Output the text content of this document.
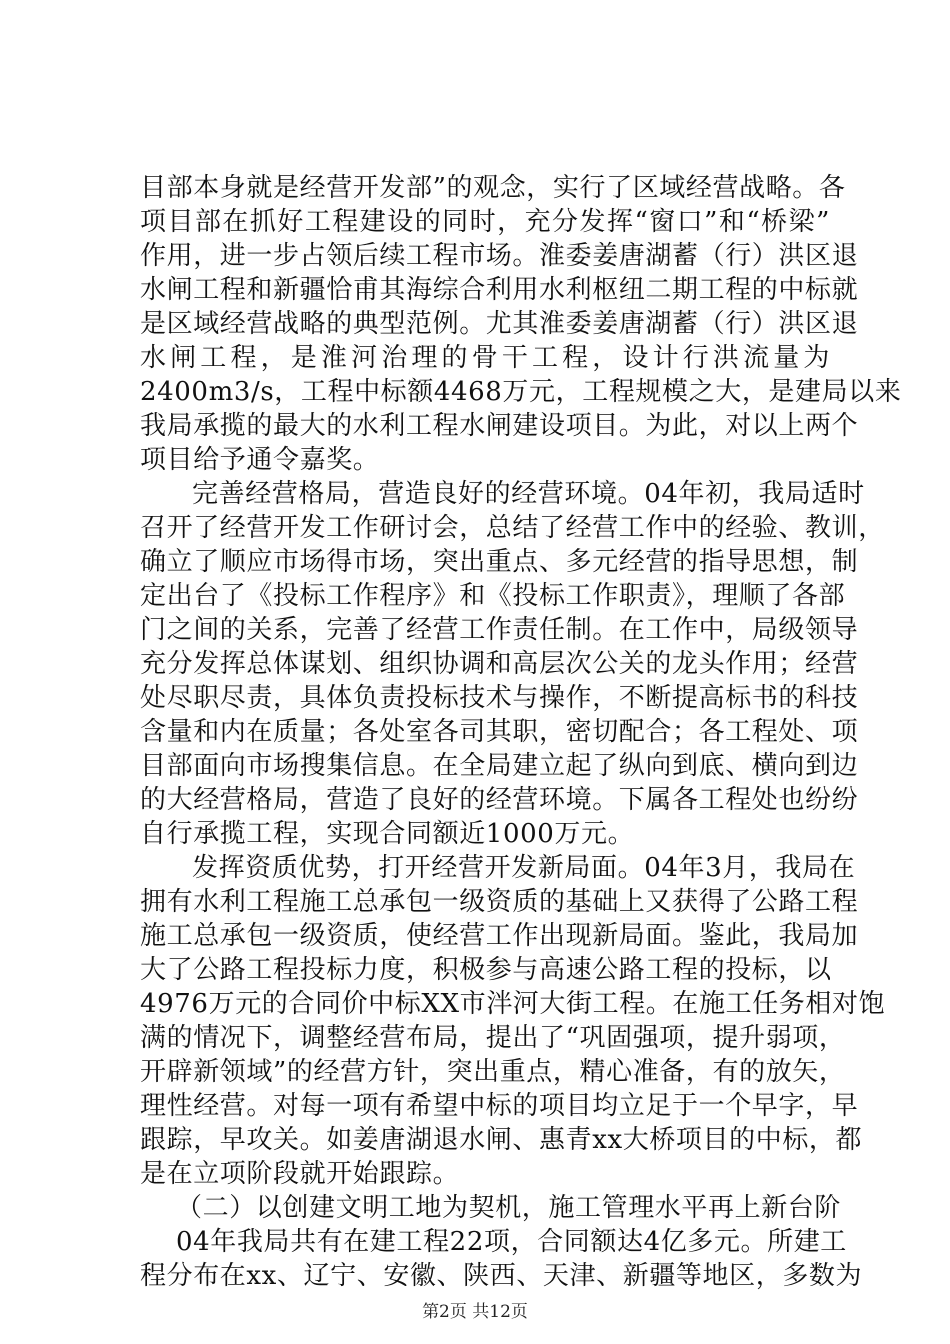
目部本身就是经营开发部”的观念，实行了区域经营战略。各
项目部在抓好工程建设的同时，充分发挥“窗口”和“桥梁”
作用，进一步占领后续工程市场。淮委姜唐湖蓄（行）洪区退
水闸工程和新疆恰甫其海综合利用水利枢纽二期工程的中标就
是区域经营战略的典型范例。尤其淮委姜唐湖蓄（行）洪区退
水闸工程，是淮河治理的骨干工程，设计行洪流量为
2400m3/s，工程中标额4468万元，工程规模之大，是建局以来
我局承揽的最大的水利工程水闸建设项目。为此，对以上两个
项目给予通令嘉奖。
完善经营格局，营造良好的经营环境。04年初，我局适时
召开了经营开发工作研讨会，总结了经营工作中的经验、教训，
确立了顺应市场得市场，突出重点、多元经营的指导思想，制
定出台了《投标工作程序》和《投标工作职责》，理顺了各部
门之间的关系，完善了经营工作责任制。在工作中，局级领导
充分发挥总体谋划、组织协调和高层次公关的龙头作用；经营
处尽职尽责，具体负责投标技术与操作，不断提高标书的科技
含量和内在质量；各处室各司其职，密切配合；各工程处、项
目部面向市场搜集信息。在全局建立起了纵向到底、横向到边
的大经营格局，营造了良好的经营环境。下属各工程处也纷纷
自行承揽工程，实现合同额近1000万元。
发挥资质优势，打开经营开发新局面。04年3月，我局在
拥有水利工程施工总承包一级资质的基础上又获得了公路工程
施工总承包一级资质，使经营工作出现新局面。鉴此，我局加
大了公路工程投标力度，积极参与高速公路工程的投标，以
4976万元的合同价中标XX市泮河大街工程。在施工任务相对饱
满的情况下，调整经营布局，提出了“巩固强项，提升弱项，
开辟新领域”的经营方针，突出重点，精心准备，有的放矢，
理性经营。对每一项有希望中标的项目均立足于一个早字，早
跟踪，早攻关。如姜唐湖退水闸、惠青xx大桥项目的中标，都
是在立项阶段就开始跟踪。
（二）以创建文明工地为契机，施工管理水平再上新台阶
04年我局共有在建工程22项，合同额达4亿多元。所建工
程分布在xx、辽宁、安徽、陕西、天津、新疆等地区，多数为
第2页 共12页
